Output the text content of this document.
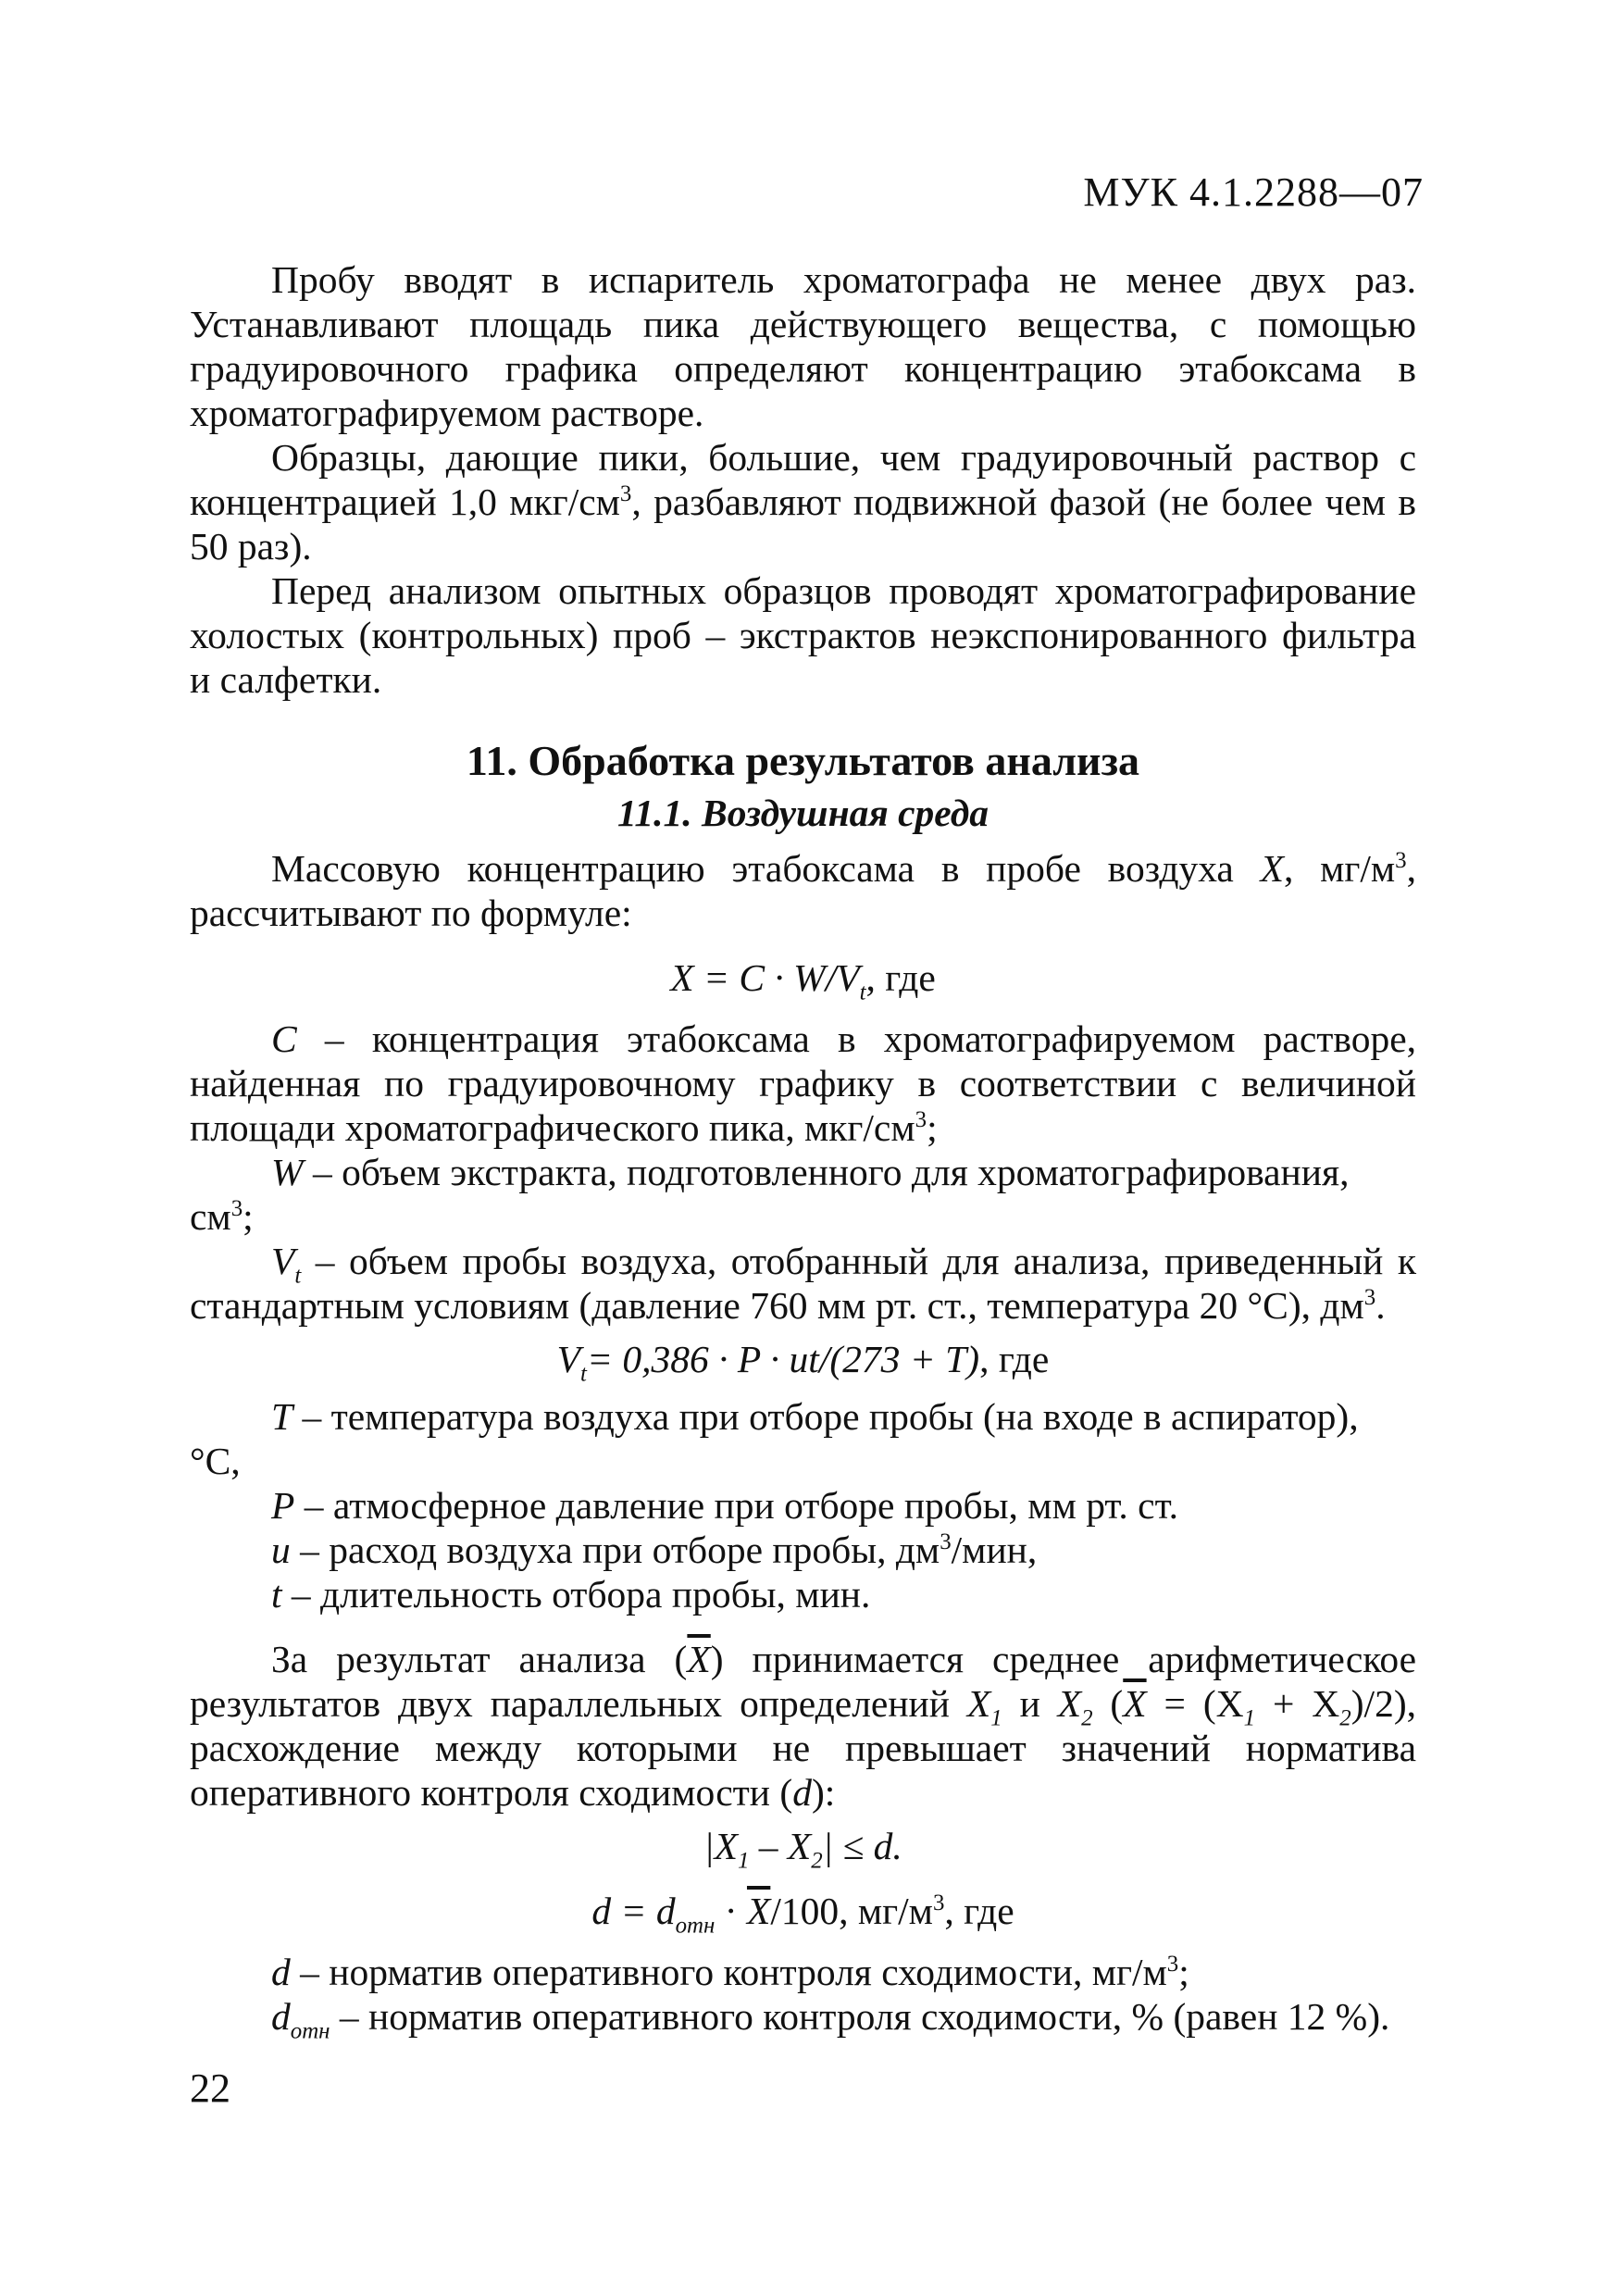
МУК 4.1.2288—07

Пробу вводят в испаритель хроматографа не менее двух раз. Устанавливают площадь пика действующего вещества, с помощью градуировочного графика определяют концентрацию этабоксама в хроматографируемом растворе.

Образцы, дающие пики, большие, чем градуировочный раствор с концентрацией 1,0 мкг/$см^3$, разбавляют подвижной фазой (не более чем в 50 раз).

Перед анализом опытных образцов проводят хроматографирование холостых (контрольных) проб – экстрактов неэкспонированного фильтра и салфетки.

11. Обработка результатов анализа
11.1. Воздушная среда

Массовую концентрацию этабоксама в пробе воздуха X, $мг/м^3$, рассчитывают по формуле:

$X = C \cdot W/V_t$, где

C – концентрация этабоксама в хроматографируемом растворе, найденная по градуировочному графику в соответствии с величиной площади хроматографического пика, мкг/$см^3$;

W – объем экстракта, подготовленного для хроматографирования, $см^3$;

$V_t$ – объем пробы воздуха, отобранный для анализа, приведенный к стандартным условиям (давление 760 мм рт. ст., температура 20 °C), $дм^3$.

$V_t= 0,386 \cdot P \cdot ut/(273 + T)$, где

T – температура воздуха при отборе пробы (на входе в аспиратор), °C,

P – атмосферное давление при отборе пробы, мм рт. ст.

u – расход воздуха при отборе пробы, $дм^3$/мин,

t – длительность отбора пробы, мин.

За результат анализа $(\overline{X})$ принимается среднее арифметическое результатов двух параллельных определений $X_1$ и $X_2$ $(\overline{X} = (X_1 + X_2)/2)$, расхождение между которыми не превышает значений норматива оперативного контроля сходимости (d):

$|X_1 - X_2| \le d$.
$d = d_{отн} \cdot \overline{X}/100$, $мг/м^3$, где

d – норматив оперативного контроля сходимости, $мг/м^3$;

$d_{отн}$ – норматив оперативного контроля сходимости, % (равен 12 %).

22
